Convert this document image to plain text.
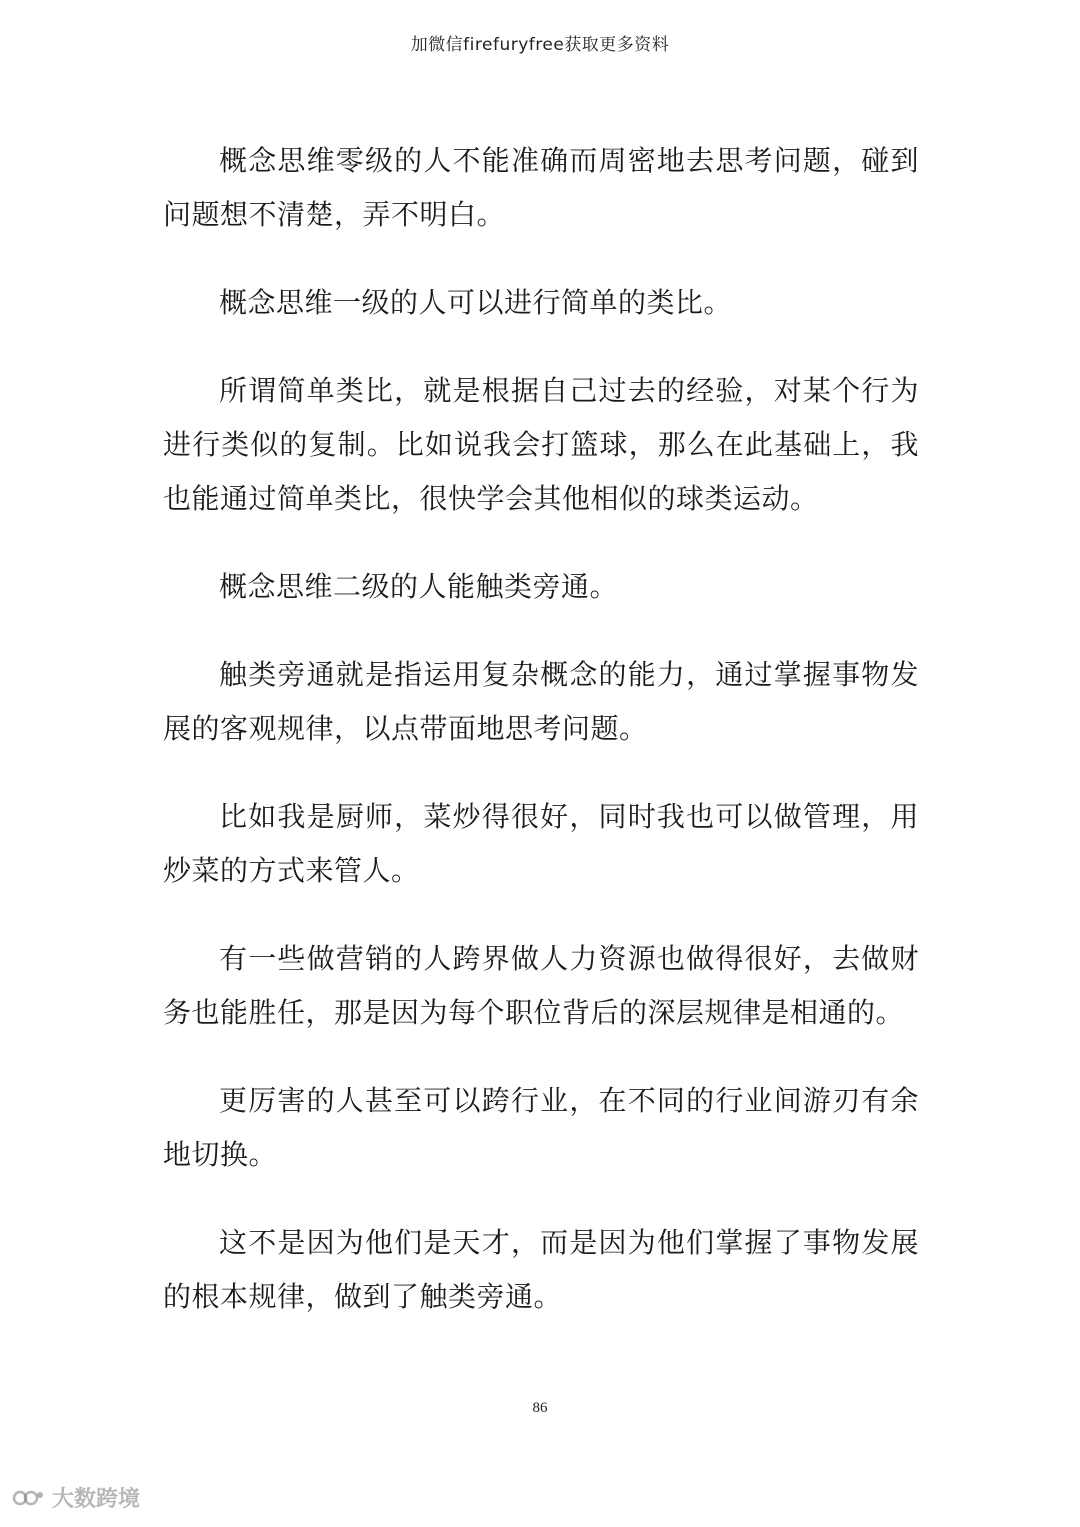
加微信firefuryfree获取更多资料

概念思维零级的人不能准确而周密地去思考问题，碰到问题想不清楚，弄不明白。

概念思维一级的人可以进行简单的类比。

所谓简单类比，就是根据自己过去的经验，对某个行为进行类似的复制。比如说我会打篮球，那么在此基础上，我也能通过简单类比，很快学会其他相似的球类运动。

概念思维二级的人能触类旁通。

触类旁通就是指运用复杂概念的能力，通过掌握事物发展的客观规律，以点带面地思考问题。

比如我是厨师，菜炒得很好，同时我也可以做管理，用炒菜的方式来管人。

有一些做营销的人跨界做人力资源也做得很好，去做财务也能胜任，那是因为每个职位背后的深层规律是相通的。

更厉害的人甚至可以跨行业，在不同的行业间游刃有余地切换。

这不是因为他们是天才，而是因为他们掌握了事物发展的根本规律，做到了触类旁通。

86
大数跨境
